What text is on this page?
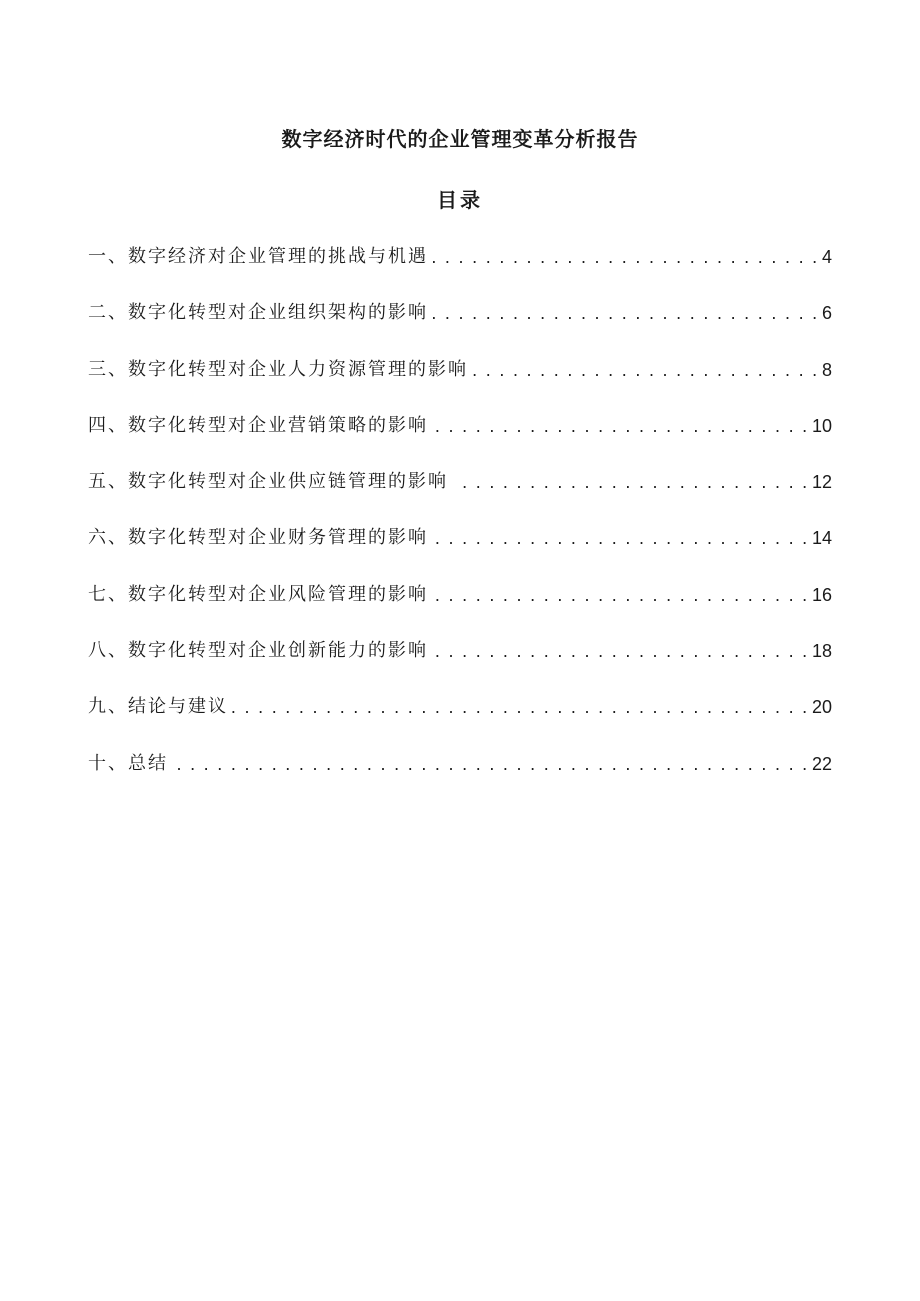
数字经济时代的企业管理变革分析报告
目录
一、数字经济对企业管理的挑战与机遇 . . .	4
二、数字化转型对企业组织架构的影响 . . .	6
三、数字化转型对企业人力资源管理的影响 . . .	8
四、数字化转型对企业营销策略的影响 . . .	10
五、数字化转型对企业供应链管理的影响 . . .	12
六、数字化转型对企业财务管理的影响 . . .	14
七、数字化转型对企业风险管理的影响 . . .	16
八、数字化转型对企业创新能力的影响 . . .	18
九、结论与建议 . . .	20
十、总结 . . .	22
